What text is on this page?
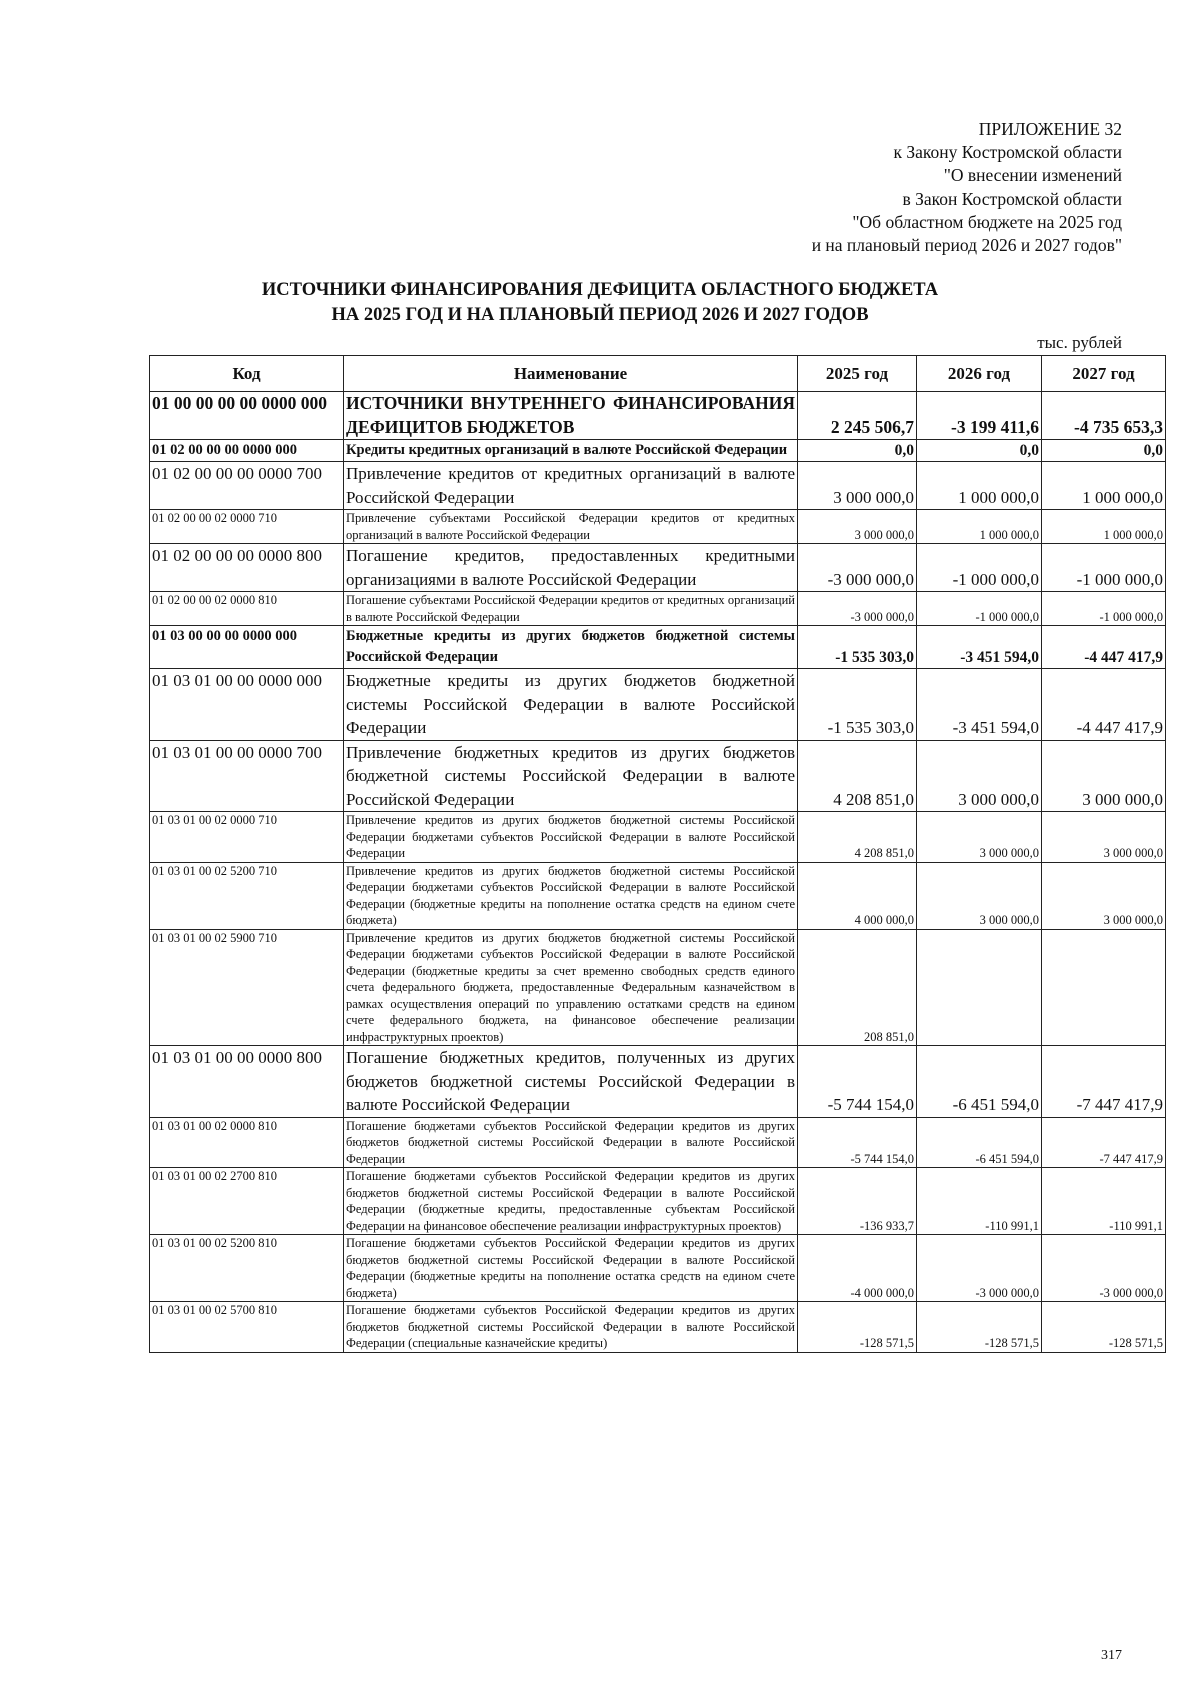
ПРИЛОЖЕНИЕ 32
к Закону Костромской области
"О внесении изменений
в Закон Костромской области
"Об областном бюджете на 2025 год
и на плановый период 2026 и 2027 годов"
ИСТОЧНИКИ ФИНАНСИРОВАНИЯ ДЕФИЦИТА ОБЛАСТНОГО БЮДЖЕТА
НА 2025 ГОД И НА ПЛАНОВЫЙ ПЕРИОД 2026 И 2027 ГОДОВ
тыс. рублей
Код	Наименование	2025 год	2026 год	2027 год
01 00 00 00 00 0000 000	ИСТОЧНИКИ ВНУТРЕННЕГО ФИНАНСИРОВАНИЯ ДЕФИЦИТОВ БЮДЖЕТОВ	2 245 506,7	-3 199 411,6	-4 735 653,3
01 02 00 00 00 0000 000	Кредиты кредитных организаций в валюте Российской Федерации	0,0	0,0	0,0
01 02 00 00 00 0000 700	Привлечение кредитов от кредитных организаций в валюте Российской Федерации	3 000 000,0	1 000 000,0	1 000 000,0
01 02 00 00 02 0000 710	Привлечение субъектами Российской Федерации кредитов от кредитных организаций в валюте Российской Федерации	3 000 000,0	1 000 000,0	1 000 000,0
01 02 00 00 00 0000 800	Погашение кредитов, предоставленных кредитными организациями в валюте Российской Федерации	-3 000 000,0	-1 000 000,0	-1 000 000,0
01 02 00 00 02 0000 810	Погашение субъектами Российской Федерации кредитов от кредитных организаций в валюте Российской Федерации	-3 000 000,0	-1 000 000,0	-1 000 000,0
01 03 00 00 00 0000 000	Бюджетные кредиты из других бюджетов бюджетной системы Российской Федерации	-1 535 303,0	-3 451 594,0	-4 447 417,9
01 03 01 00 00 0000 000	Бюджетные кредиты из других бюджетов бюджетной системы Российской Федерации в валюте Российской Федерации	-1 535 303,0	-3 451 594,0	-4 447 417,9
01 03 01 00 00 0000 700	Привлечение бюджетных кредитов из других бюджетов бюджетной системы Российской Федерации в валюте Российской Федерации	4 208 851,0	3 000 000,0	3 000 000,0
01 03 01 00 02 0000 710	Привлечение кредитов из других бюджетов бюджетной системы Российской Федерации бюджетами субъектов Российской Федерации в валюте Российской Федерации	4 208 851,0	3 000 000,0	3 000 000,0
01 03 01 00 02 5200 710	Привлечение кредитов из других бюджетов бюджетной системы Российской Федерации бюджетами субъектов Российской Федерации в валюте Российской Федерации (бюджетные кредиты на пополнение остатка средств на едином счете бюджета)	4 000 000,0	3 000 000,0	3 000 000,0
01 03 01 00 02 5900 710	Привлечение кредитов из других бюджетов бюджетной системы Российской Федерации бюджетами субъектов Российской Федерации в валюте Российской Федерации (бюджетные кредиты за счет временно свободных средств единого счета федерального бюджета, предоставленные Федеральным казначейством в рамках осуществления операций по управлению остатками средств на едином счете федерального бюджета, на финансовое обеспечение реализации инфраструктурных проектов)	208 851,0		
01 03 01 00 00 0000 800	Погашение бюджетных кредитов, полученных из других бюджетов бюджетной системы Российской Федерации в валюте Российской Федерации	-5 744 154,0	-6 451 594,0	-7 447 417,9
01 03 01 00 02 0000 810	Погашение бюджетами субъектов Российской Федерации кредитов из других бюджетов бюджетной системы Российской Федерации в валюте Российской Федерации	-5 744 154,0	-6 451 594,0	-7 447 417,9
01 03 01 00 02 2700 810	Погашение бюджетами субъектов Российской Федерации кредитов из других бюджетов бюджетной системы Российской Федерации в валюте Российской Федерации (бюджетные кредиты, предоставленные субъектам Российской Федерации на финансовое обеспечение реализации инфраструктурных проектов)	-136 933,7	-110 991,1	-110 991,1
01 03 01 00 02 5200 810	Погашение бюджетами субъектов Российской Федерации кредитов из других бюджетов бюджетной системы Российской Федерации в валюте Российской Федерации (бюджетные кредиты на пополнение остатка средств на едином счете бюджета)	-4 000 000,0	-3 000 000,0	-3 000 000,0
01 03 01 00 02 5700 810	Погашение бюджетами субъектов Российской Федерации кредитов из других бюджетов бюджетной системы Российской Федерации в валюте Российской Федерации (специальные казначейские кредиты)	-128 571,5	-128 571,5	-128 571,5
317
